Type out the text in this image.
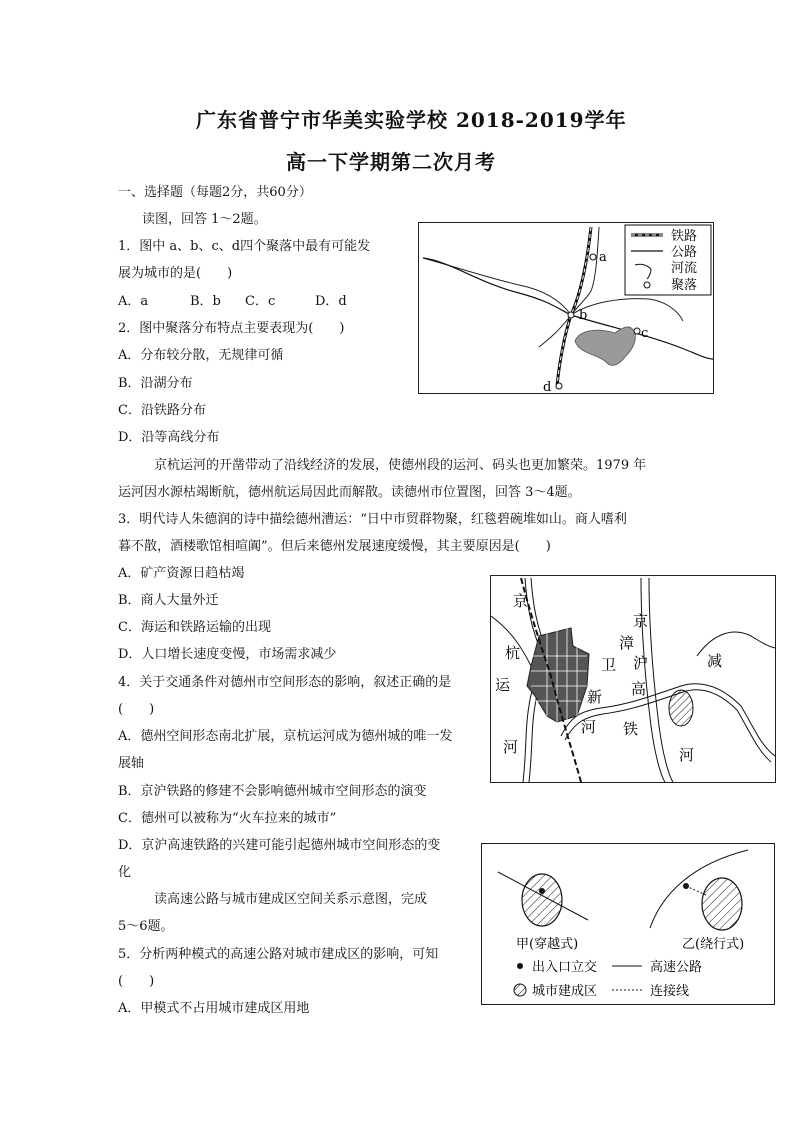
广东省普宁市华美实验学校 2018-2019学年
高一下学期第二次月考
一、选择题（每题2分，共60分）
读图，回答 1～2题。
1．图中 a、b、c、d四个聚落中最有可能发
展为城市的是(　　)
A．a	B．b C．c	D．d
2．图中聚落分布特点主要表现为(　　)
A．分布较分散，无规律可循
B．沿湖分布
C．沿铁路分布
D．沿等高线分布
京杭运河的开凿带动了沿线经济的发展，使德州段的运河、码头也更加繁荣。1979 年
运河因水源枯竭断航，德州航运局因此而解散。读德州市位置图，回答 3～4题。
3．明代诗人朱德润的诗中描绘德州漕运：“日中市贸群物聚，红毯碧碗堆如山。商人嗜利
暮不散，酒楼歌馆相喧阗”。但后来德州发展速度缓慢，其主要原因是(　　)
A．矿产资源日趋枯竭
B．商人大量外迁
C．海运和铁路运输的出现
D．人口增长速度变慢，市场需求减少
4．关于交通条件对德州市空间形态的影响，叙述正确的是
(　　)
A．德州空间形态南北扩展，京杭运河成为德州城的唯一发
展轴
B．京沪铁路的修建不会影响德州城市空间形态的演变
C．德州可以被称为“火车拉来的城市”
D．京沪高速铁路的兴建可能引起德州城市空间形态的变
化
读高速公路与城市建成区空间关系示意图，完成
5～6题。
5．分析两种模式的高速公路对城市建成区的影响，可知
(　　)
A．甲模式不占用城市建成区用地
a
b
c
d
铁路
公路
河流
聚落
京
杭
运
河
京
漳
卫
新
河
沪
高
铁
减
河
甲(穿越式)	乙(绕行式)
出入口立交	高速公路
城市建成区	连接线
